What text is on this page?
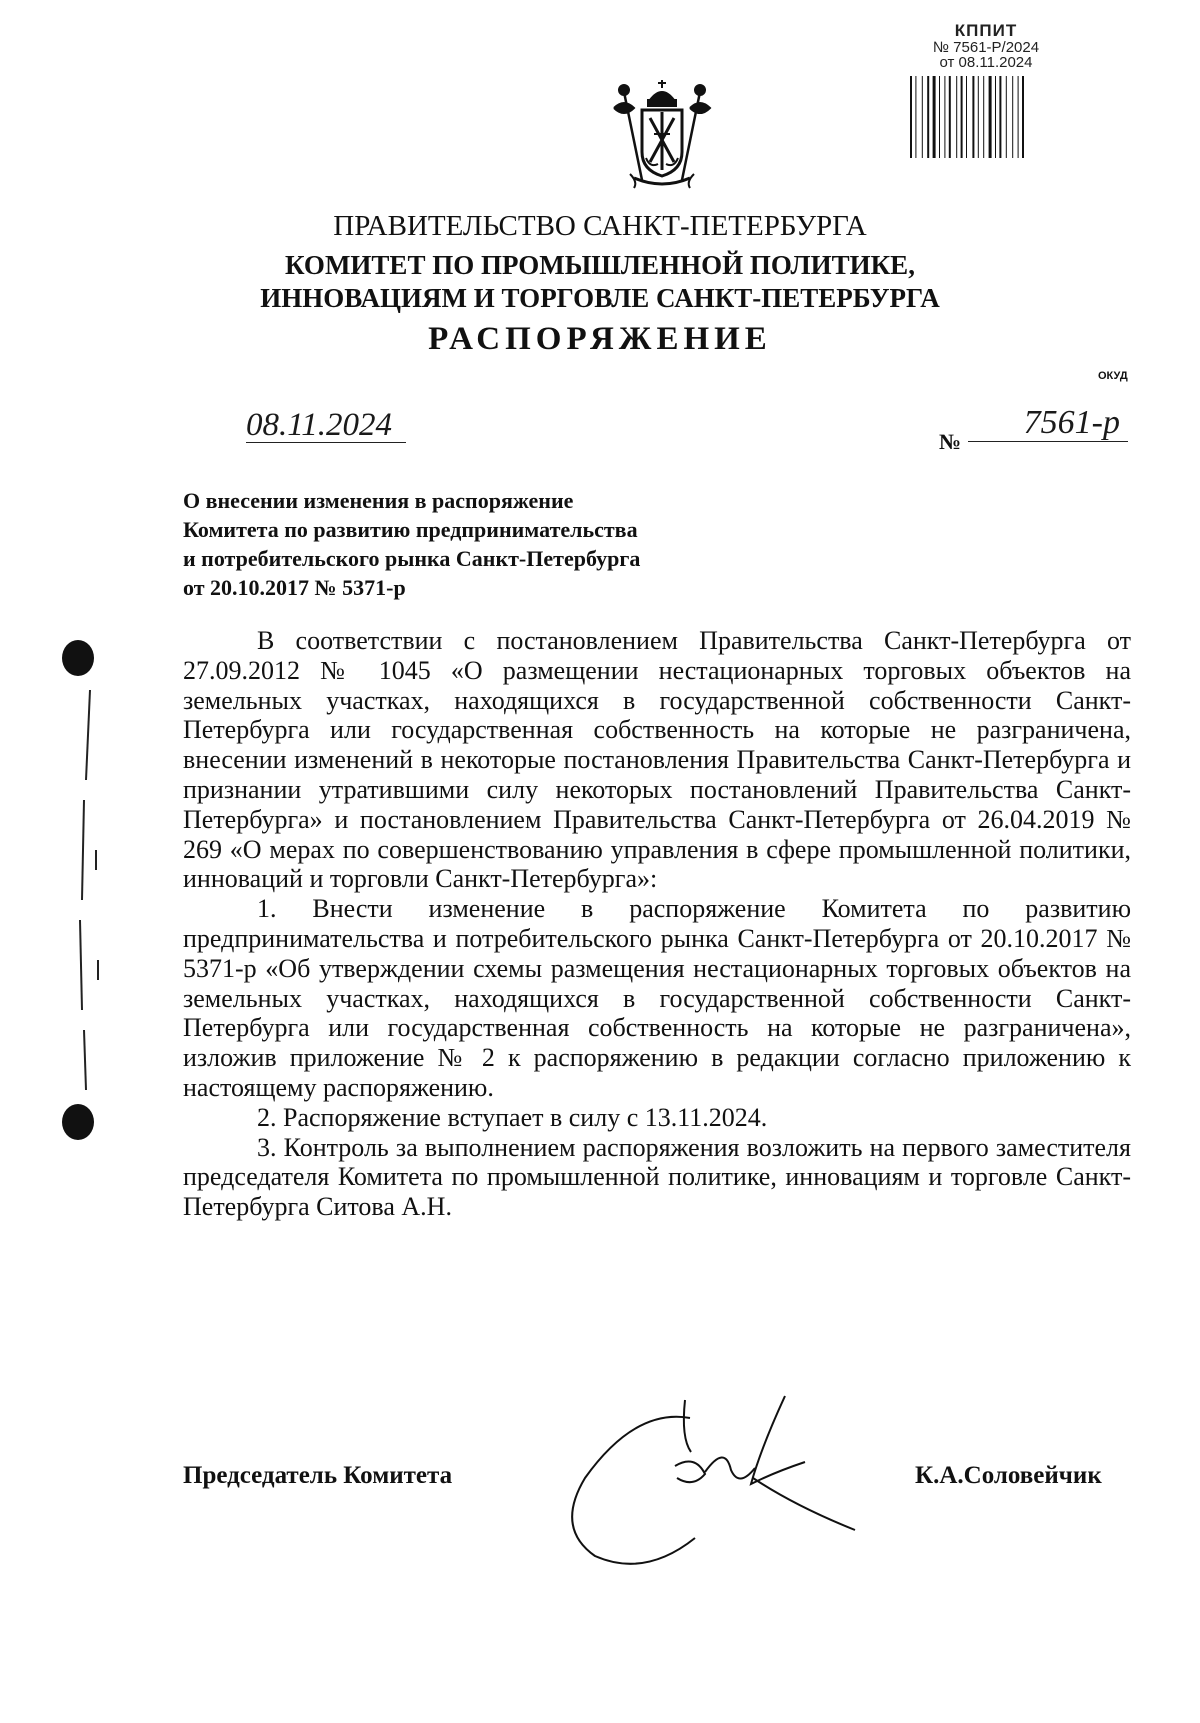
КППИТ
№ 7561-Р/2024
от 08.11.2024
ПРАВИТЕЛЬСТВО САНКТ-ПЕТЕРБУРГА
КОМИТЕТ ПО ПРОМЫШЛЕННОЙ ПОЛИТИКЕ,
ИННОВАЦИЯМ И ТОРГОВЛЕ САНКТ-ПЕТЕРБУРГА
РАСПОРЯЖЕНИЕ
ОКУД
08.11.2024	№
7561-р
О внесении изменения в распоряжение
Комитета по развитию предпринимательства
и потребительского рынка Санкт-Петербурга
от 20.10.2017 № 5371-р

В соответствии с постановлением Правительства Санкт-Петербурга от 27.09.2012 № 1045 «О размещении нестационарных торговых объектов на земельных участках, находящихся в государственной собственности Санкт-Петербурга или государственная собственность на которые не разграничена, внесении изменений в некоторые постановления Правительства Санкт-Петербурга и признании утратившими силу некоторых постановлений Правительства Санкт-Петербурга» и постановлением Правительства Санкт-Петербурга от 26.04.2019 № 269 «О мерах по совершенствованию управления в сфере промышленной политики, инноваций и торговли Санкт-Петербурга»:

1. Внести изменение в распоряжение Комитета по развитию предпринимательства и потребительского рынка Санкт-Петербурга от 20.10.2017 № 5371-р «Об утверждении схемы размещения нестационарных торговых объектов на земельных участках, находящихся в государственной собственности Санкт-Петербурга или государственная собственность на которые не разграничена», изложив приложение № 2 к распоряжению в редакции согласно приложению к настоящему распоряжению.

2. Распоряжение вступает в силу с 13.11.2024.

3. Контроль за выполнением распоряжения возложить на первого заместителя председателя Комитета по промышленной политике, инновациям и торговле Санкт-Петербурга Ситова А.Н.

Председатель Комитета	К.А.Соловейчик
